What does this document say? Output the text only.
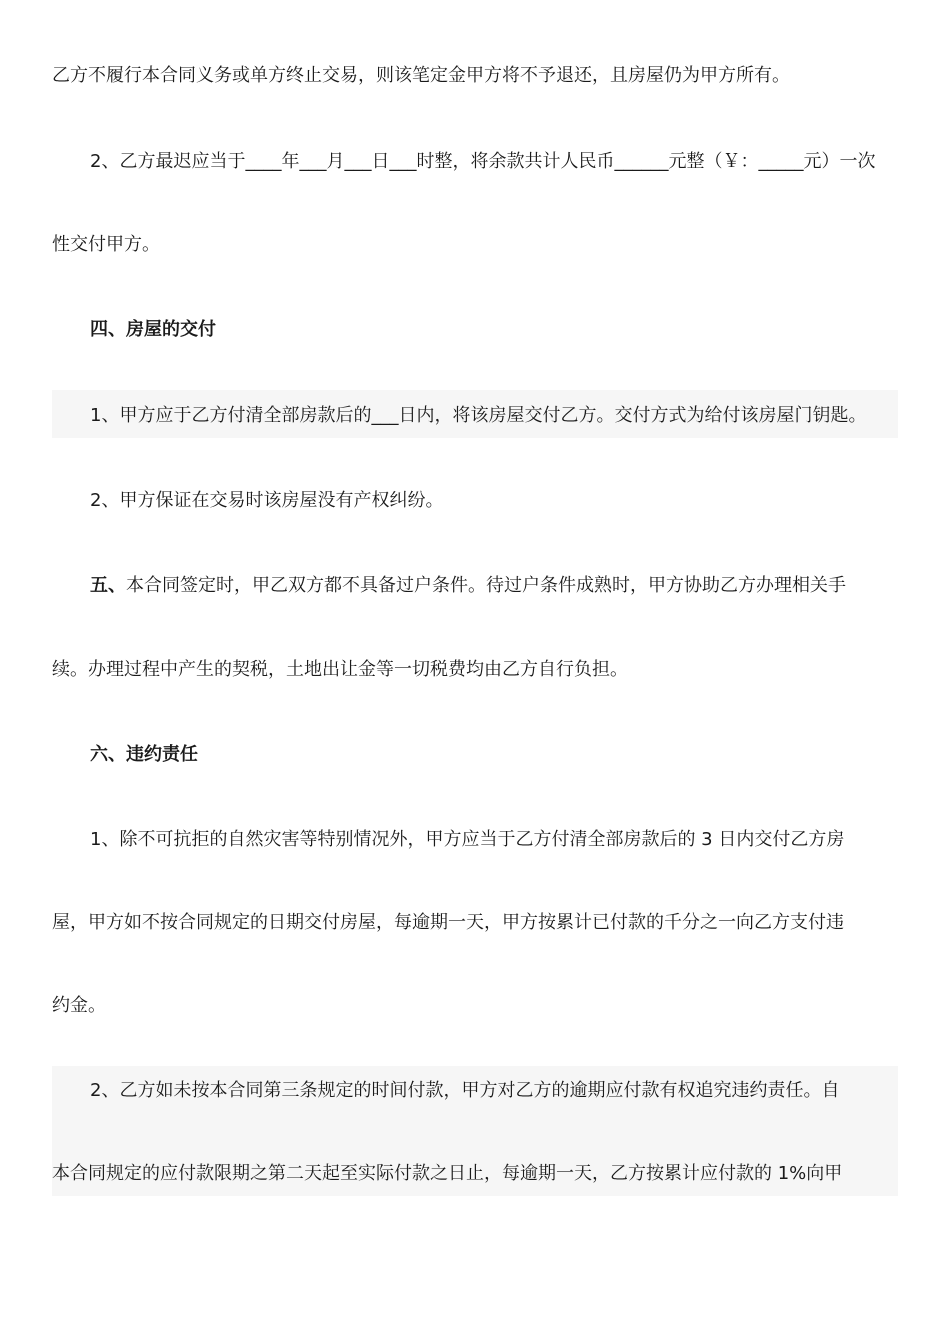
乙方不履行本合同义务或单方终止交易，则该笔定金甲方将不予退还，且房屋仍为甲方所有。
2、乙方最迟应当于____年___月___日___时整，将余款共计人民币______元整（￥：_____元）一次
性交付甲方。
四、房屋的交付
1、甲方应于乙方付清全部房款后的___日内，将该房屋交付乙方。交付方式为给付该房屋门钥匙。
2、甲方保证在交易时该房屋没有产权纠纷。
五、本合同签定时，甲乙双方都不具备过户条件。待过户条件成熟时，甲方协助乙方办理相关手
续。办理过程中产生的契税，土地出让金等一切税费均由乙方自行负担。
六、违约责任
1、除不可抗拒的自然灾害等特别情况外，甲方应当于乙方付清全部房款后的 3 日内交付乙方房
屋，甲方如不按合同规定的日期交付房屋，每逾期一天，甲方按累计已付款的千分之一向乙方支付违
约金。
2、乙方如未按本合同第三条规定的时间付款，甲方对乙方的逾期应付款有权追究违约责任。自
本合同规定的应付款限期之第二天起至实际付款之日止，每逾期一天，乙方按累计应付款的 1%向甲
